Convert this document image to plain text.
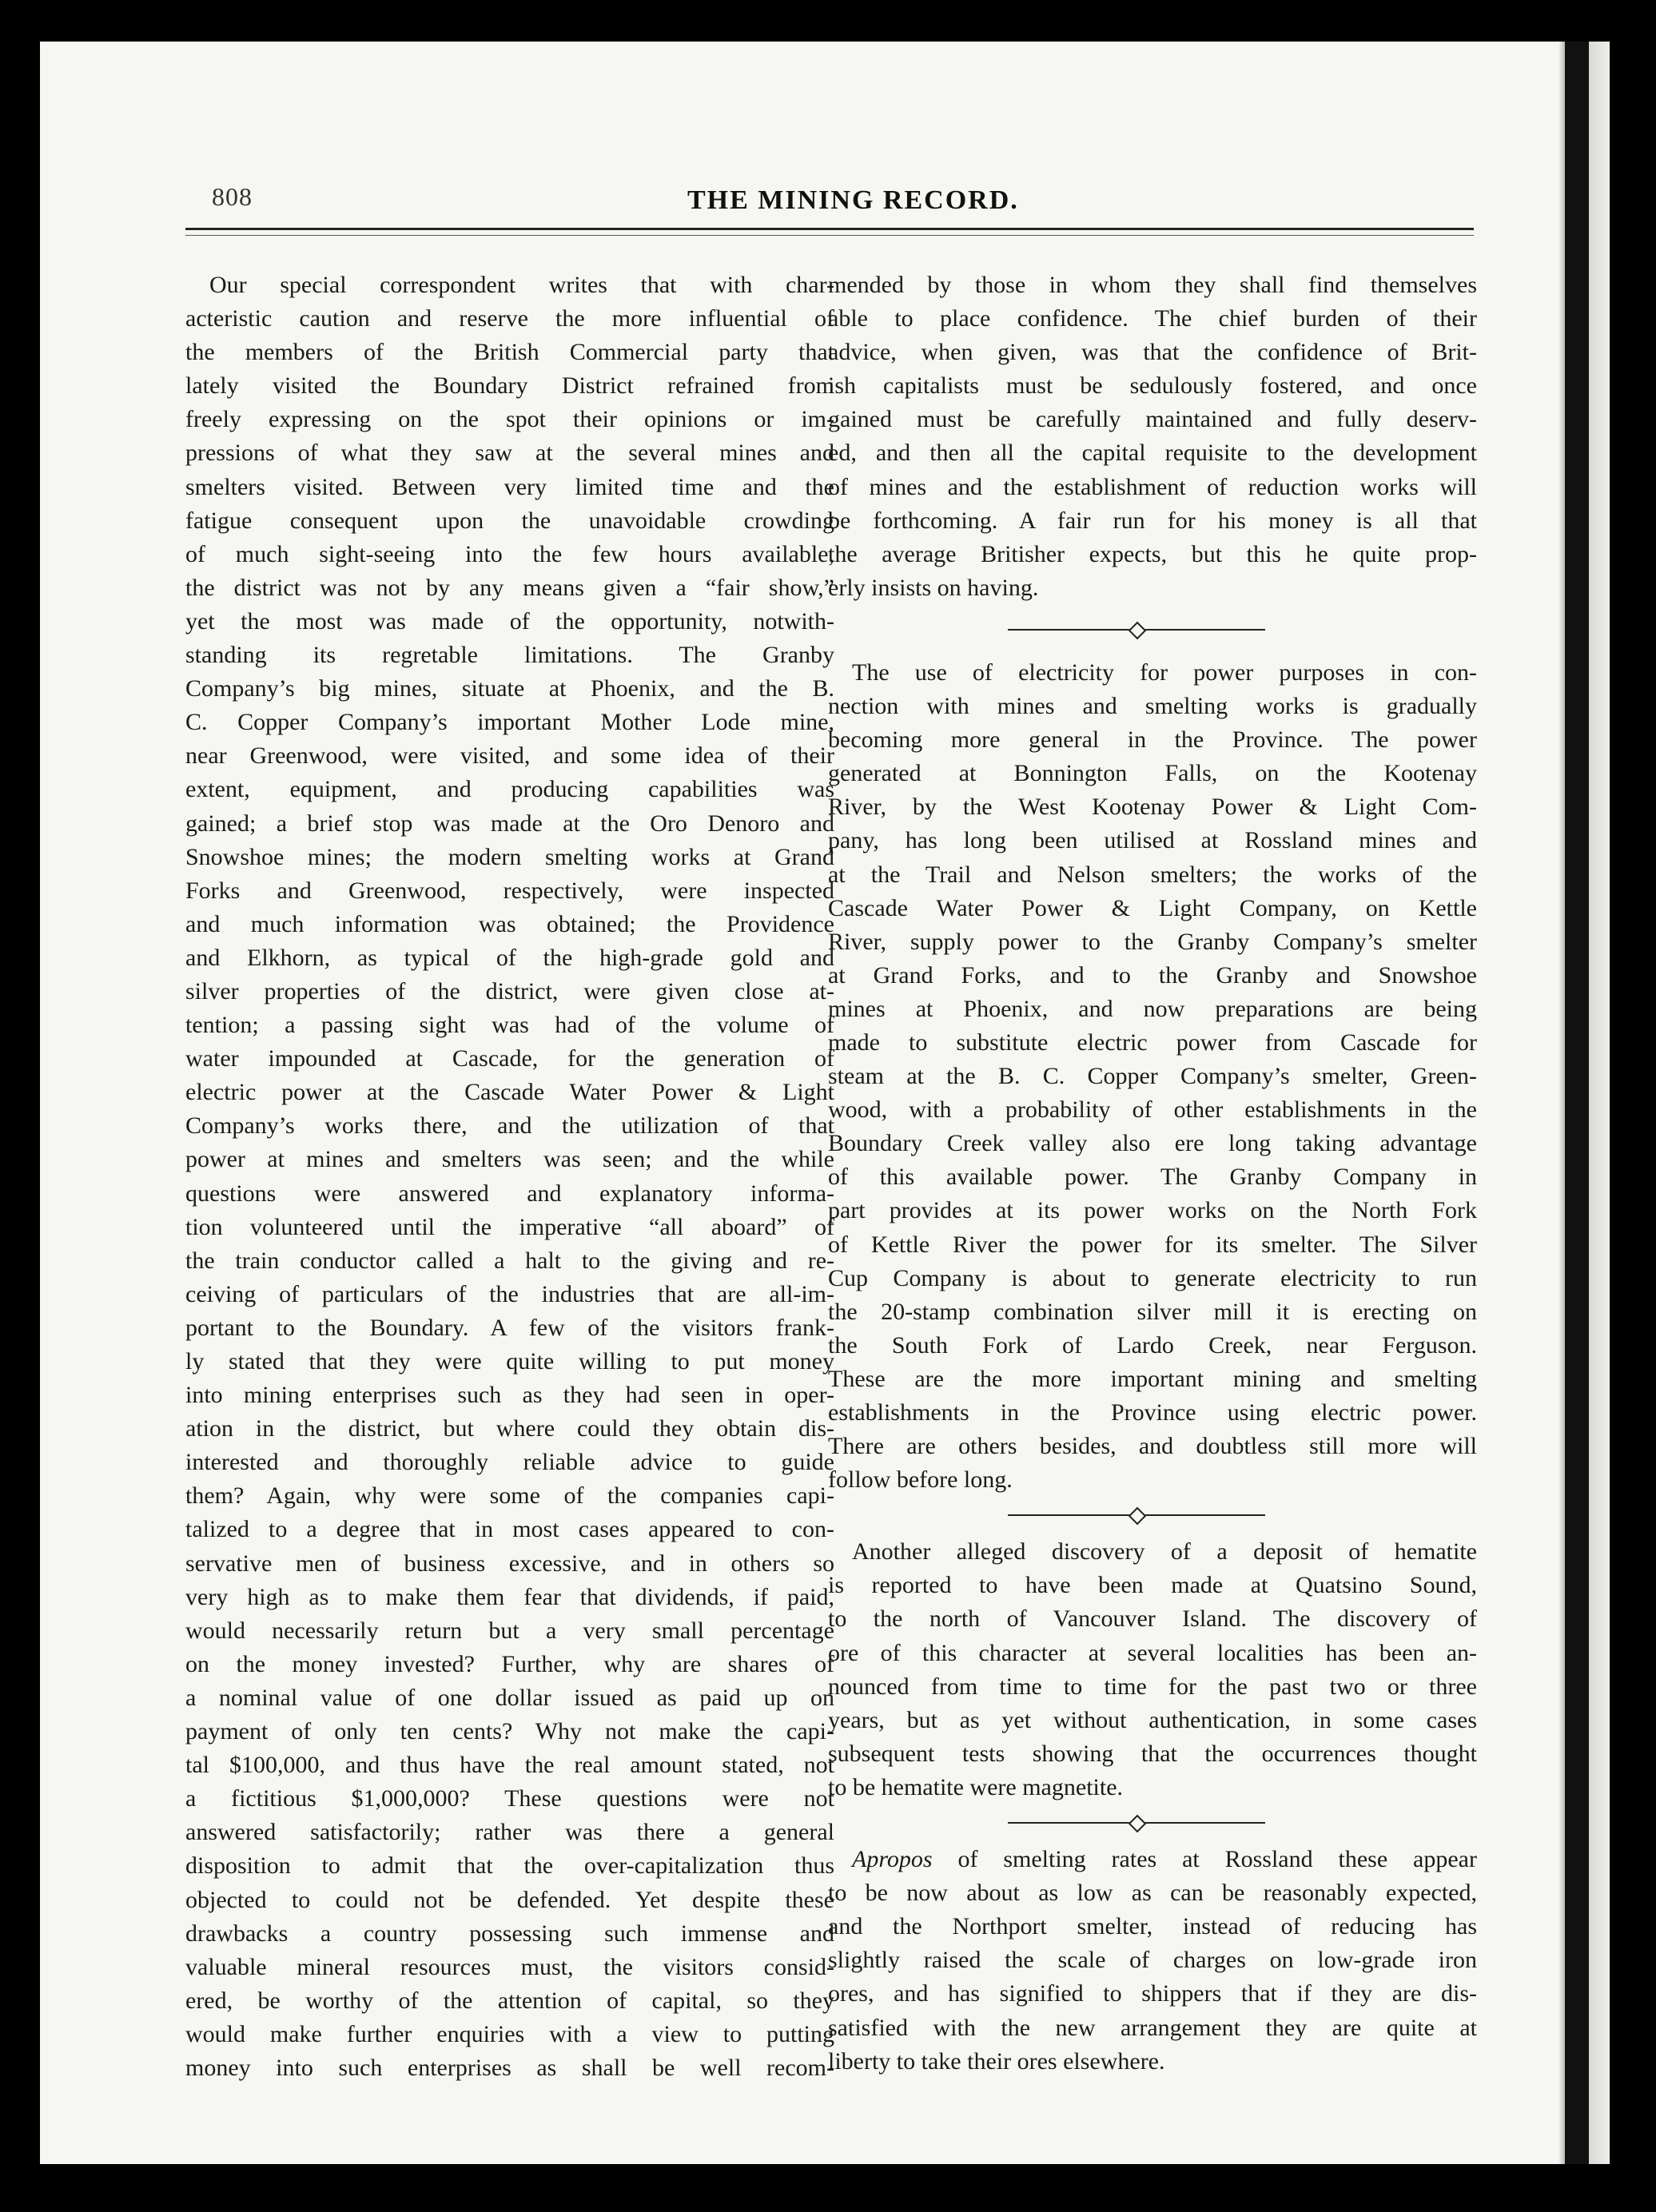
808	THE MINING RECORD.
Our special correspondent writes that with char-
acteristic caution and reserve the more influential of
the members of the British Commercial party that
lately visited the Boundary District refrained from
freely expressing on the spot their opinions or im-
pressions of what they saw at the several mines and
smelters visited. Between very limited time and the
fatigue consequent upon the unavoidable crowding
of much sight-seeing into the few hours available,
the district was not by any means given a “fair show,”
yet the most was made of the opportunity, notwith-
standing its regretable limitations. The Granby
Company’s big mines, situate at Phoenix, and the B.
C. Copper Company’s important Mother Lode mine,
near Greenwood, were visited, and some idea of their
extent, equipment, and producing capabilities was
gained; a brief stop was made at the Oro Denoro and
Snowshoe mines; the modern smelting works at Grand
Forks and Greenwood, respectively, were inspected
and much information was obtained; the Providence
and Elkhorn, as typical of the high-grade gold and
silver properties of the district, were given close at-
tention; a passing sight was had of the volume of
water impounded at Cascade, for the generation of
electric power at the Cascade Water Power & Light
Company’s works there, and the utilization of that
power at mines and smelters was seen; and the while
questions were answered and explanatory informa-
tion volunteered until the imperative “all aboard” of
the train conductor called a halt to the giving and re-
ceiving of particulars of the industries that are all-im-
portant to the Boundary. A few of the visitors frank-
ly stated that they were quite willing to put money
into mining enterprises such as they had seen in oper-
ation in the district, but where could they obtain dis-
interested and thoroughly reliable advice to guide
them? Again, why were some of the companies capi-
talized to a degree that in most cases appeared to con-
servative men of business excessive, and in others so
very high as to make them fear that dividends, if paid,
would necessarily return but a very small percentage
on the money invested? Further, why are shares of
a nominal value of one dollar issued as paid up on
payment of only ten cents? Why not make the capi-
tal $100,000, and thus have the real amount stated, not
a fictitious $1,000,000? These questions were not
answered satisfactorily; rather was there a general
disposition to admit that the over-capitalization thus
objected to could not be defended. Yet despite these
drawbacks a country possessing such immense and
valuable mineral resources must, the visitors consid-
ered, be worthy of the attention of capital, so they
would make further enquiries with a view to putting
money into such enterprises as shall be well recom-
mended by those in whom they shall find themselves
able to place confidence. The chief burden of their
advice, when given, was that the confidence of Brit-
ish capitalists must be sedulously fostered, and once
gained must be carefully maintained and fully deserv-
ed, and then all the capital requisite to the development
of mines and the establishment of reduction works will
be forthcoming. A fair run for his money is all that
the average Britisher expects, but this he quite prop-
erly insists on having.
The use of electricity for power purposes in con-
nection with mines and smelting works is gradually
becoming more general in the Province. The power
generated at Bonnington Falls, on the Kootenay
River, by the West Kootenay Power & Light Com-
pany, has long been utilised at Rossland mines and
at the Trail and Nelson smelters; the works of the
Cascade Water Power & Light Company, on Kettle
River, supply power to the Granby Company’s smelter
at Grand Forks, and to the Granby and Snowshoe
mines at Phoenix, and now preparations are being
made to substitute electric power from Cascade for
steam at the B. C. Copper Company’s smelter, Green-
wood, with a probability of other establishments in the
Boundary Creek valley also ere long taking advantage
of this available power. The Granby Company in
part provides at its power works on the North Fork
of Kettle River the power for its smelter. The Silver
Cup Company is about to generate electricity to run
the 20-stamp combination silver mill it is erecting on
the South Fork of Lardo Creek, near Ferguson.
These are the more important mining and smelting
establishments in the Province using electric power.
There are others besides, and doubtless still more will
follow before long.
Another alleged discovery of a deposit of hematite
is reported to have been made at Quatsino Sound,
to the north of Vancouver Island. The discovery of
ore of this character at several localities has been an-
nounced from time to time for the past two or three
years, but as yet without authentication, in some cases
subsequent tests showing that the occurrences thought
to be hematite were magnetite.
Apropos of smelting rates at Rossland these appear
to be now about as low as can be reasonably expected,
and the Northport smelter, instead of reducing has
slightly raised the scale of charges on low-grade iron
ores, and has signified to shippers that if they are dis-
satisfied with the new arrangement they are quite at
liberty to take their ores elsewhere.
